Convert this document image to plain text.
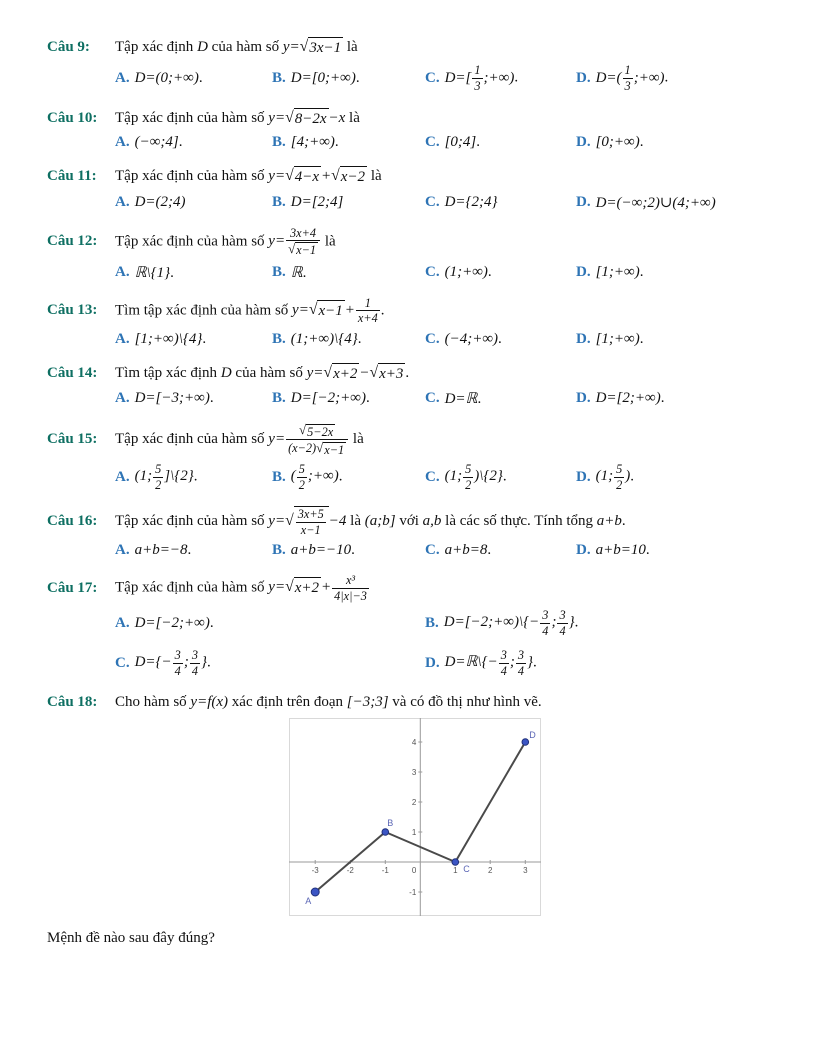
Câu 9:	Tập xác định D của hàm số y=√3x−1 là
A. D=(0;+∞).	B. D=[0;+∞).	C. $D=[ \frac{1}{3}$ ;+∞).	D. $D=( \frac{1}{3}$ ;+∞).
Câu 10:	Tập xác định của hàm số y=√8−2x −x là
A. (−∞;4].	B. [4;+∞).	C. [0;4].	D. [0;+∞).
Câu 11:	Tập xác định của hàm số y=√4−x +√x−2 là
A. D=(2;4)	B. D=[2;4]	C. D={2;4}	D. D=(−∞;2)∪(4;+∞)
Câu 12:	Tập xác định của hàm số $y= \frac{3x+4}{√x-1}$ là
A. ℝ\{1}.	B. ℝ.	C. (1;+∞).	D. [1;+∞).
Câu 13:	Tìm tập xác định của hàm số $y=√x-1 + \frac{1}{x+4}$ .
A. [1;+∞)\{4}.	B. (1;+∞)\{4}.	C. (−4;+∞).	D. [1;+∞).
Câu 14:	Tìm tập xác định D của hàm số y=√x+2 −√x+3 .
A. D=[−3;+∞).	B. D=[−2;+∞).	C. D=ℝ.	D. D=[2;+∞).
Câu 15:	Tập xác định của hàm số $y= \frac{√5-2x}{(x-2)√x-1}$ là
A. (1; $\frac{5}{2}$ ]\{2}.	B. ( $\frac{5}{2}$ ;+∞).	C. (1; $\frac{5}{2}$ )\{2}.	D. (1; $\frac{5}{2}$ ).
Câu 16:	Tập xác định của hàm số $y=√ \frac{3x+5}{x-1} -4$ là (a;b] với a,b là các số thực. Tính tổng a+b.
A. a+b=−8.	B. a+b=−10.	C. a+b=8.	D. a+b=10.
Câu 17:	Tập xác định của hàm số $y=√x+2 + \frac{\text{x³}}{4|x|-3}$
A. D=[−2;+∞).	B. D=[−2;+∞)\{− $\frac{3}{4}$ ; $\frac{3}{4}$ }.
C. $D=\{- \frac{3}{4}$ ; $\frac{3}{4}$ }.	D. D=ℝ\{− $\frac{3}{4}$ ; $\frac{3}{4}$ }.
Câu 18:	Cho hàm số y=f(x) xác định trên đoạn [−3;3] và có đồ thị như hình vẽ.
-3	-2	-1	1	2	3
0
-1
1
2
3
4
A
B
C
D

Mệnh đề nào sau đây đúng?
